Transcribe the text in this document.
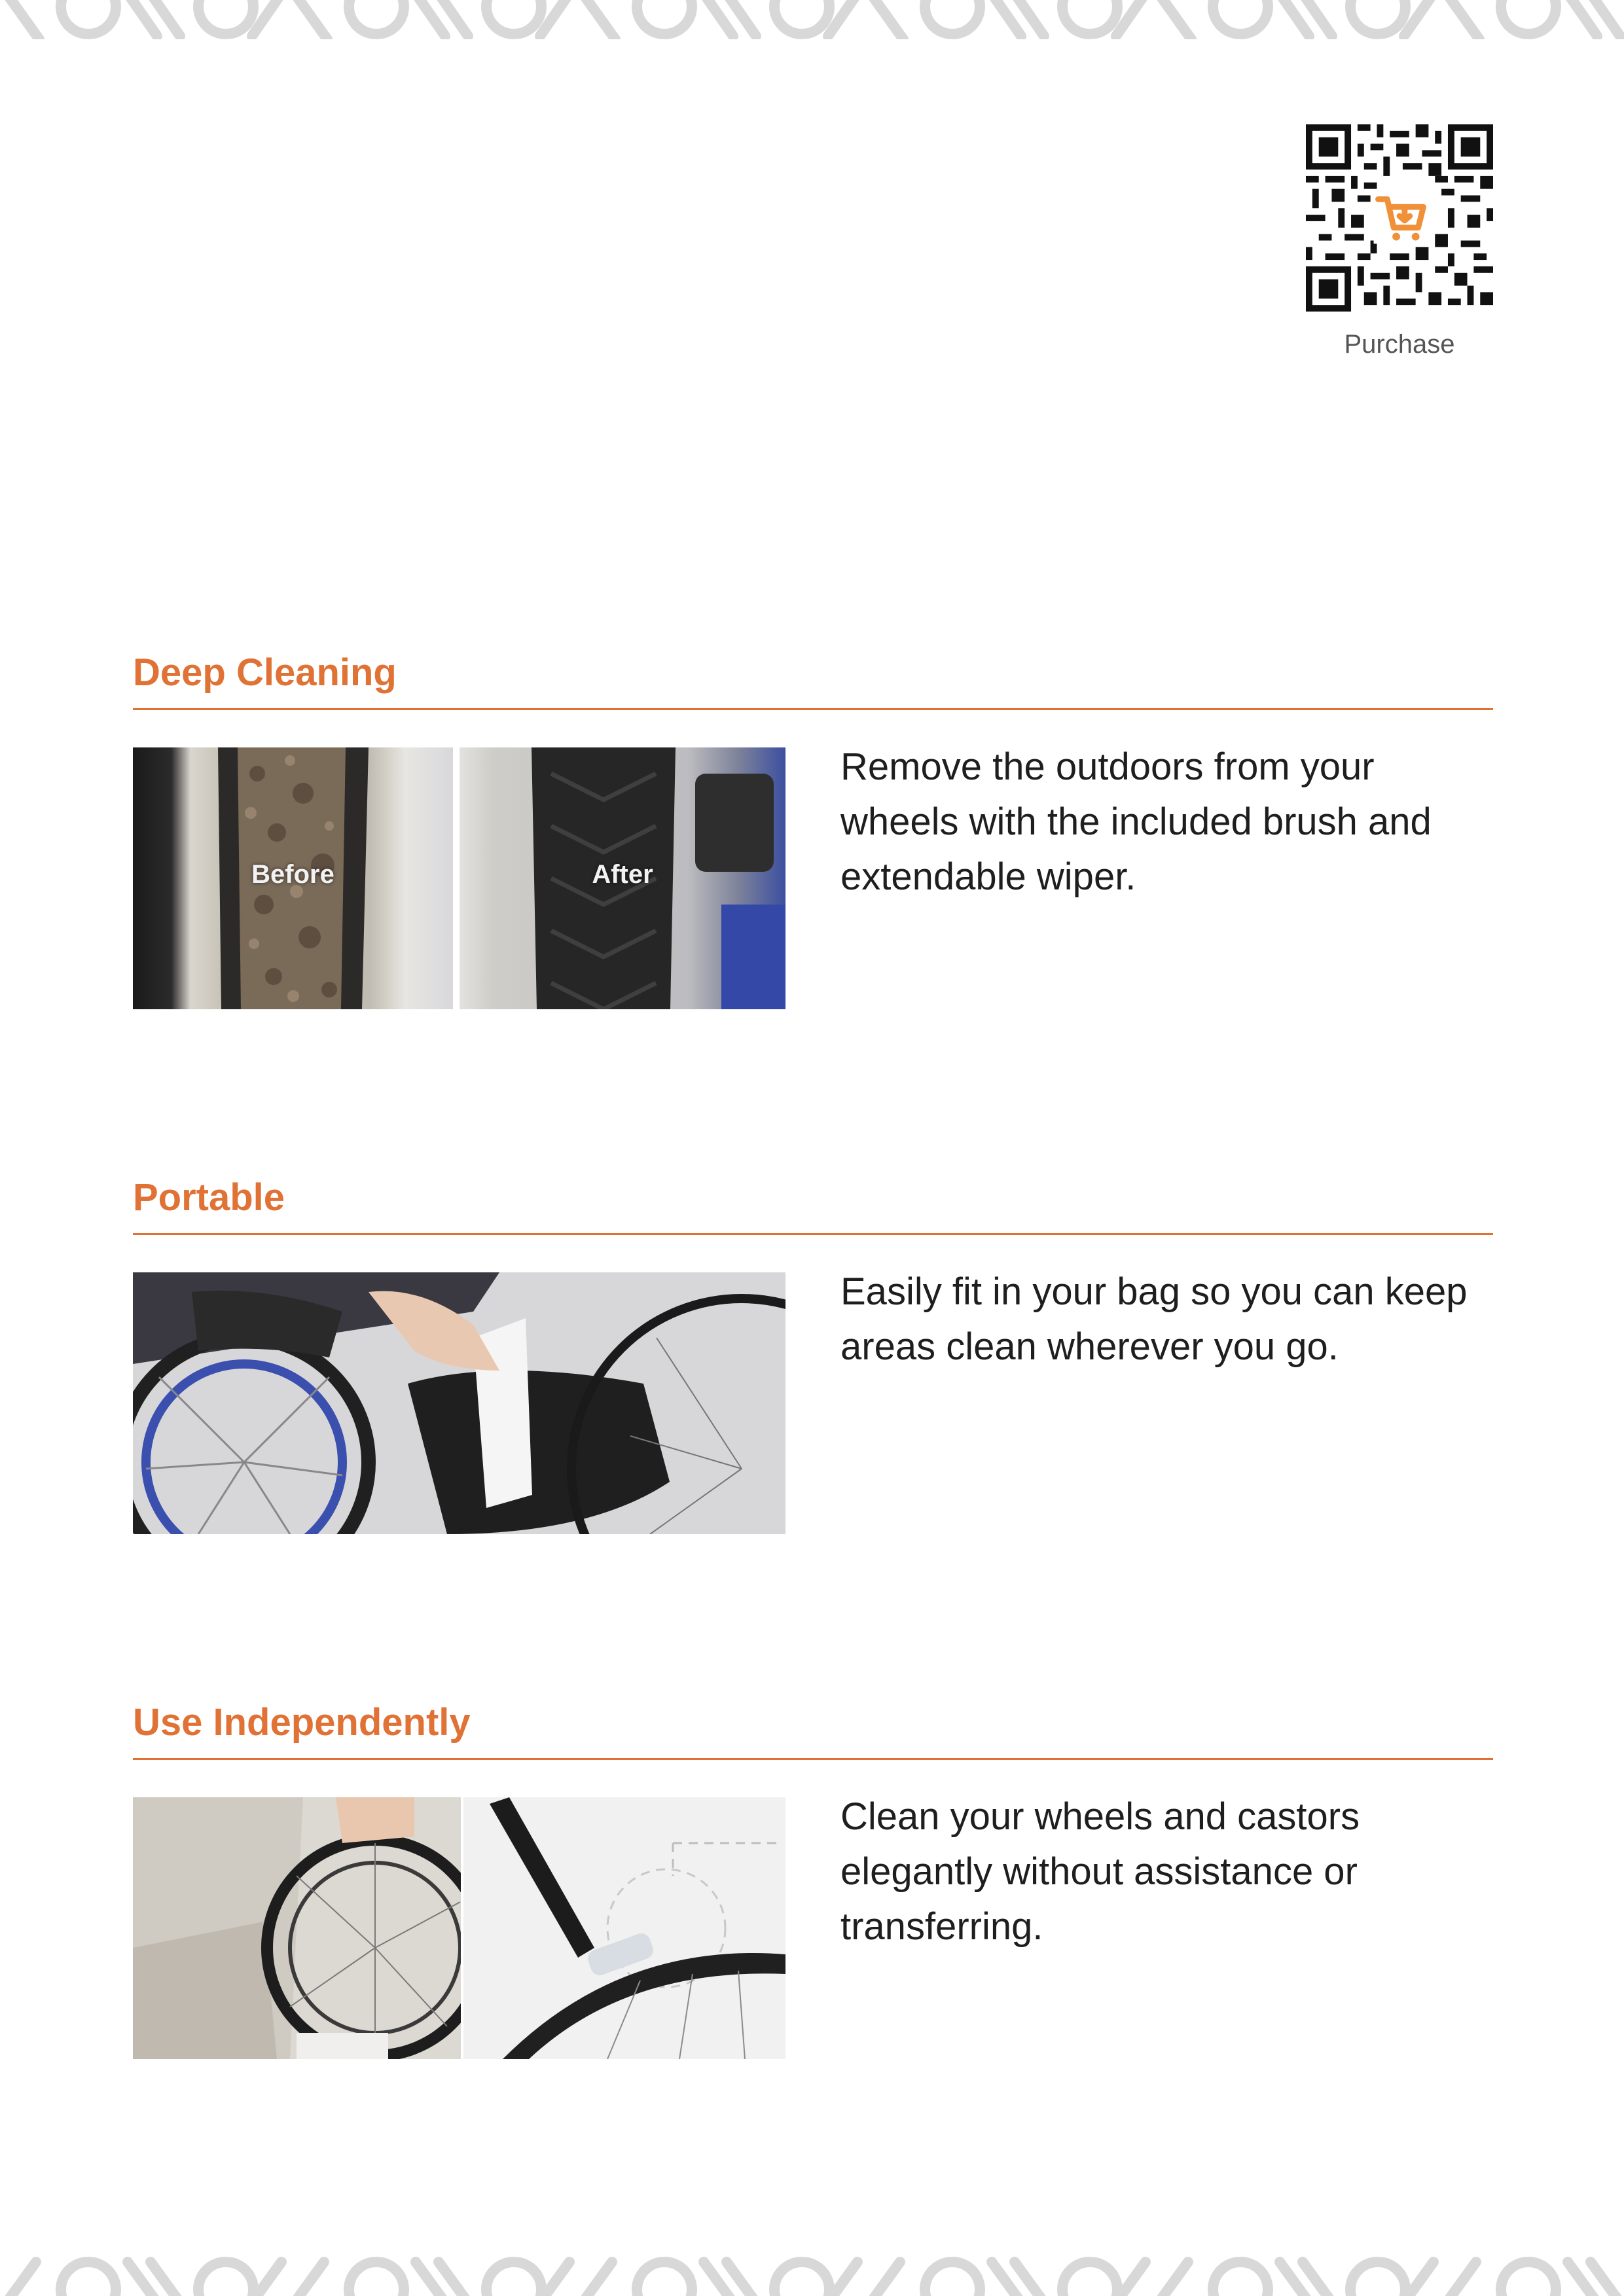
Purchase
Deep Cleaning
Before	After

Remove the outdoors from your wheels with the included brush and extendable wiper.

Portable

Easily fit in your bag so you can keep areas clean wherever you go.

Use Independently

Clean your wheels and castors elegantly without assistance or transferring.
